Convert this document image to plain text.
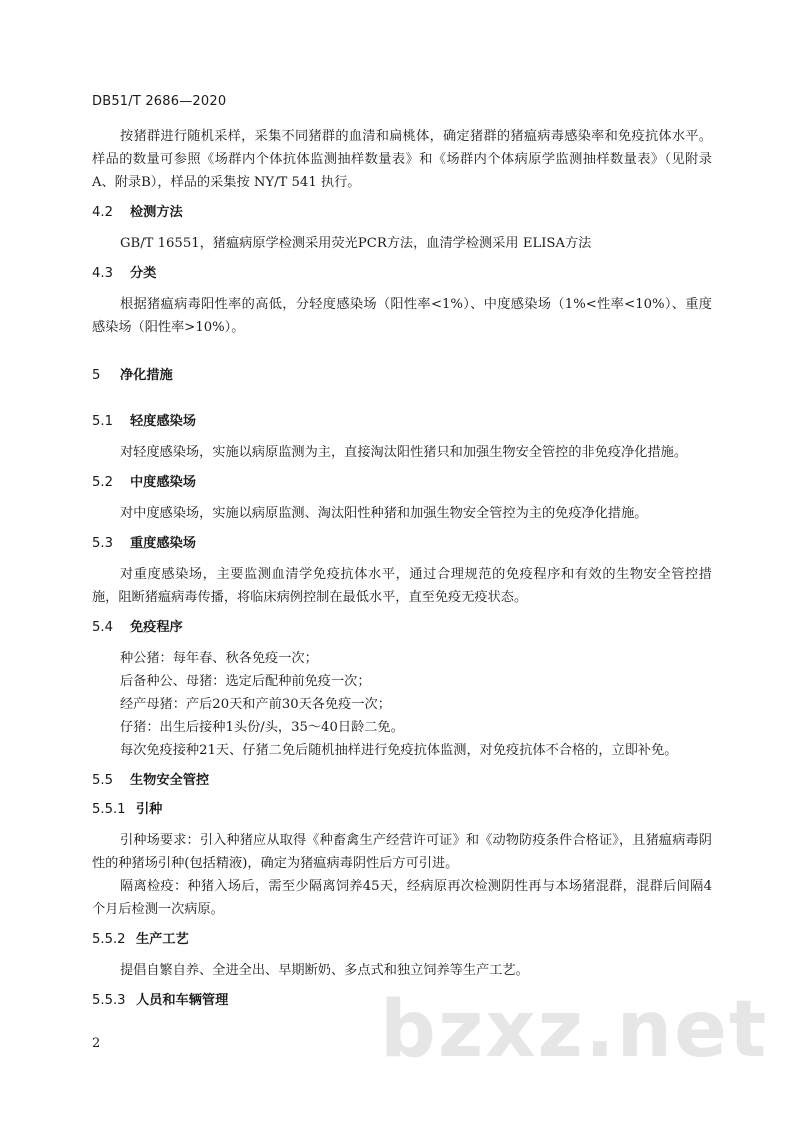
DB51/T 2686—2020

按猪群进行随机采样，采集不同猪群的血清和扁桃体，确定猪群的猪瘟病毒感染率和免疫抗体水平。样品的数量可参照《场群内个体抗体监测抽样数量表》和《场群内个体病原学监测抽样数量表》（见附录A、附录B），样品的采集按 NY/T 541 执行。

4.2 检测方法

GB/T 16551，猪瘟病原学检测采用荧光PCR方法，血清学检测采用 ELISA方法

4.3 分类

根据猪瘟病毒阳性率的高低，分轻度感染场（阳性率<1%）、中度感染场（1%<性率<10%）、重度感染场（阳性率>10%）。

5 净化措施
5.1 轻度感染场

对轻度感染场，实施以病原监测为主，直接淘汰阳性猪只和加强生物安全管控的非免疫净化措施。

5.2 中度感染场

对中度感染场，实施以病原监测、淘汰阳性种猪和加强生物安全管控为主的免疫净化措施。

5.3 重度感染场

对重度感染场，主要监测血清学免疫抗体水平，通过合理规范的免疫程序和有效的生物安全管控措施，阻断猪瘟病毒传播，将临床病例控制在最低水平，直至免疫无疫状态。

5.4 免疫程序

种公猪：每年春、秋各免疫一次；

后备种公、母猪：选定后配种前免疫一次；

经产母猪：产后20天和产前30天各免疫一次；

仔猪：出生后接种1头份/头，35～40日龄二免。

每次免疫接种21天、仔猪二免后随机抽样进行免疫抗体监测，对免疫抗体不合格的，立即补免。

5.5 生物安全管控
5.5.1 引种

引种场要求：引入种猪应从取得《种畜禽生产经营许可证》和《动物防疫条件合格证》，且猪瘟病毒阴性的种猪场引种(包括精液)，确定为猪瘟病毒阴性后方可引进。

隔离检疫：种猪入场后，需至少隔离饲养45天，经病原再次检测阴性再与本场猪混群，混群后间隔4个月后检测一次病原。

5.5.2 生产工艺

提倡自繁自养、全进全出、早期断奶、多点式和独立饲养等生产工艺。

5.5.3 人员和车辆管理	bzxz.net
2
